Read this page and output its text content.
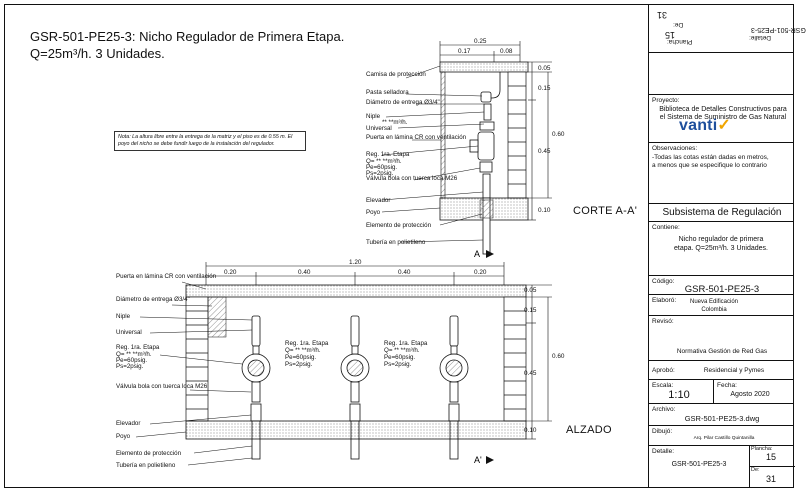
GSR-501-PE25-3: Nicho Regulador de Primera Etapa.
Q=25m³/h. 3 Unidades.
Nota: La altura libre entre la entrega de la matriz y el piso es de 0.55 m. El poyo del nicho se debe fundir luego de la instalación del regulador.
0.25
0.17	0.08
0.05
0.15
0.45
0.10
0.60
Camisa de protección
Pasta selladora
Diámetro de entrega Ø3/4"
Niple
** **m³/h.
Universal
Puerta en lámina CR con ventilación
Reg. 1ra. Etapa
Q= ** **m³/h.
Pe=60psig.
Ps=2psig.
Válvula bola con tuerca loca M26
Elevador
Poyo
Elemento de protección
Tubería en polietileno
A
1.20
0.20	0.40	0.40	0.20
0.05
0.15
0.45
0.10
0.60
Puerta en lámina CR con ventilación
Diámetro de entrega Ø3/4"
Niple
Universal
Reg. 1ra. Etapa
Q= ** **m³/h.
Pe=60psig.
Ps=2psig.
Válvula bola con tuerca loca M26
Elevador
Poyo
Elemento de protección
Tubería en polietileno
Reg. 1ra. Etapa
Q= ** **m³/h.
Pe=60psig.
Ps=2psig.
Reg. 1ra. Etapa
Q= ** **m³/h.
Pe=60psig.
Ps=2psig.
A'
CORTE A-A'
ALZADO
Detalle:
GSR-501-PE25-3
Plancha:
15
De:
31
vanti✓
Proyecto:
Biblioteca de Detalles Constructivos para el Sistema de Suministro de Gas Natural
Observaciones:
-Todas las cotas están dadas en metros, a menos que se especifique lo contrario
Subsistema de Regulación
Contiene:
Nicho regulador de primera etapa. Q=25m³/h. 3 Unidades.
Código:
GSR-501-PE25-3
Elaboró:	Nueva Edificación Colombia
Revisó:
Normativa Gestión de Red Gas
Aprobó:	Residencial y Pymes
Escala:
1:10
Fecha:
Agosto 2020
Archivo:
GSR-501-PE25-3.dwg
Dibujó:
Arq. Pilar Castillo Quintanilla
Detalle:
GSR-501-PE25-3
Plancha:
15
De:
31
